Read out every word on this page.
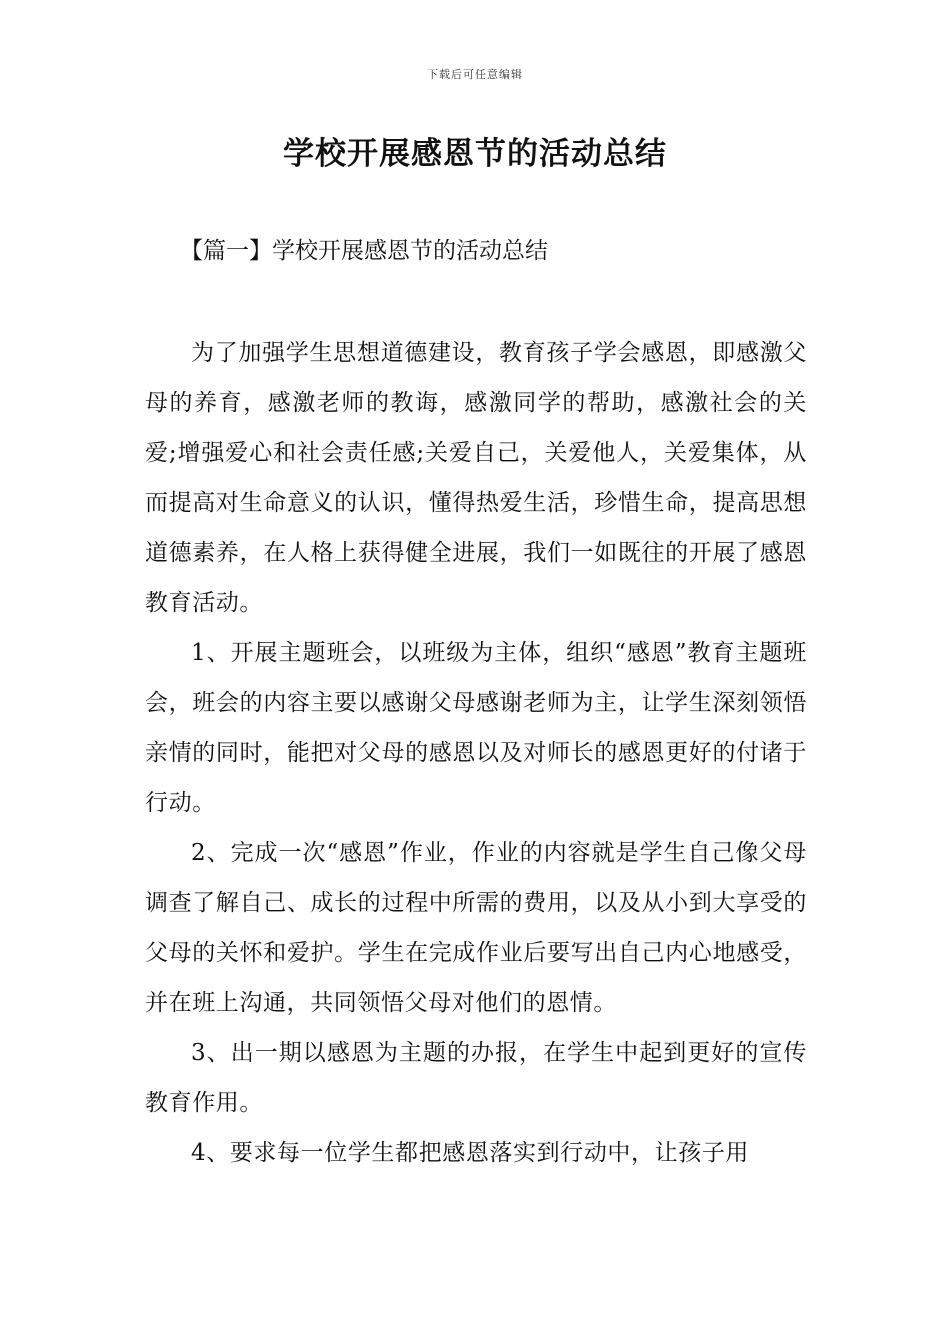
下载后可任意编辑
学校开展感恩节的活动总结
【篇一】学校开展感恩节的活动总结

为了加强学生思想道德建设，教育孩子学会感恩，即感激父母的养育，感激老师的教诲，感激同学的帮助，感激社会的关爱;增强爱心和社会责任感;关爱自己，关爱他人，关爱集体，从而提高对生命意义的认识，懂得热爱生活，珍惜生命，提高思想道德素养，在人格上获得健全进展，我们一如既往的开展了感恩教育活动。

1、开展主题班会，以班级为主体，组织“感恩”教育主题班会，班会的内容主要以感谢父母感谢老师为主，让学生深刻领悟亲情的同时，能把对父母的感恩以及对师长的感恩更好的付诸于行动。

2、完成一次“感恩”作业，作业的内容就是学生自己像父母调查了解自己、成长的过程中所需的费用，以及从小到大享受的父母的关怀和爱护。学生在完成作业后要写出自己内心地感受，并在班上沟通，共同领悟父母对他们的恩情。

3、出一期以感恩为主题的办报，在学生中起到更好的宣传教育作用。

4、要求每一位学生都把感恩落实到行动中，让孩子用
